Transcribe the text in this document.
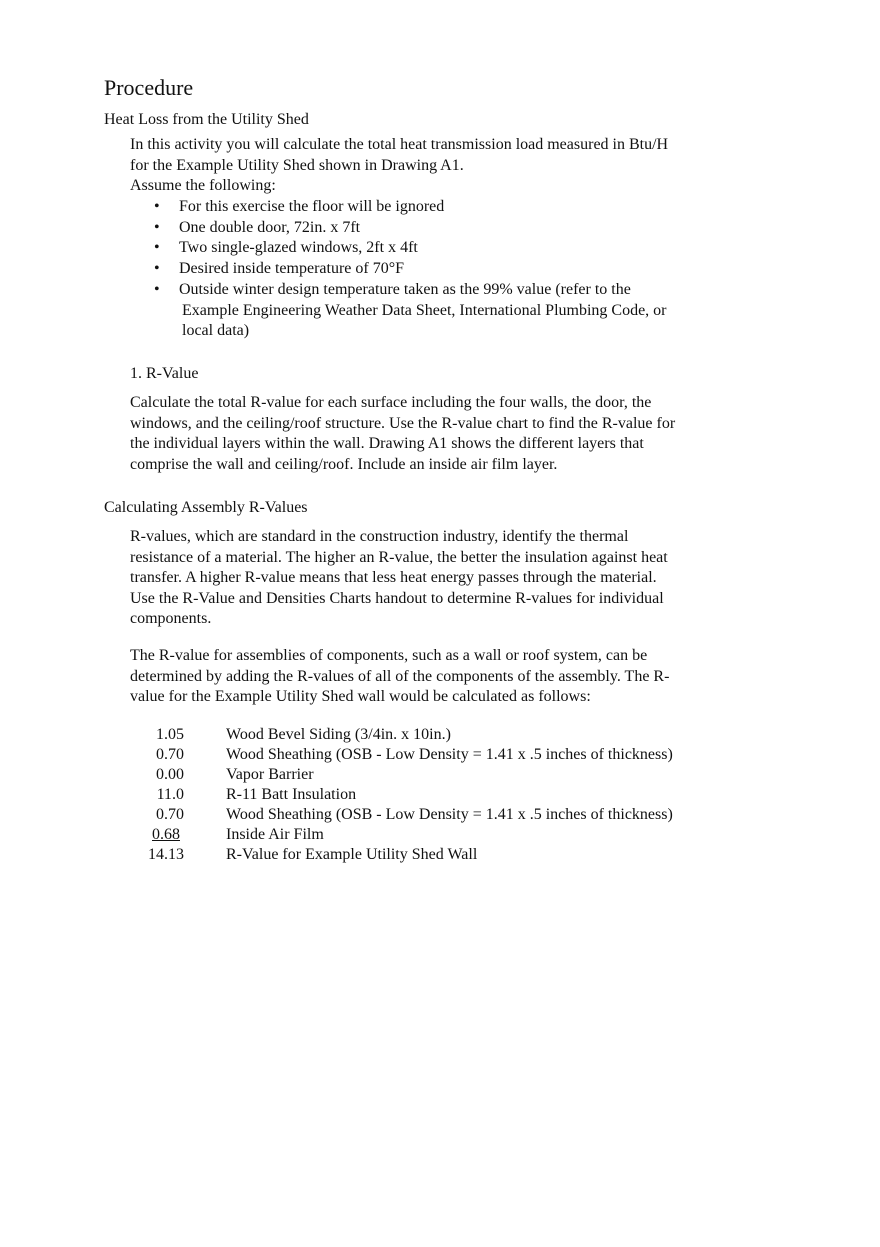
Procedure
Heat Loss from the Utility Shed
In this activity you will calculate the total heat transmission load measured in Btu/H
for the Example Utility Shed shown in Drawing A1.
Assume the following:
• For this exercise the floor will be ignored
• One double door, 72in. x 7ft
• Two single-glazed windows, 2ft x 4ft
• Desired inside temperature of 70°F
• Outside winter design temperature taken as the 99% value (refer to the
Example Engineering Weather Data Sheet, International Plumbing Code, or
local data)
1. R-Value
Calculate the total R-value for each surface including the four walls, the door, the
windows, and the ceiling/roof structure. Use the R-value chart to find the R-value for
the individual layers within the wall. Drawing A1 shows the different layers that
comprise the wall and ceiling/roof. Include an inside air film layer.
Calculating Assembly R-Values
R-values, which are standard in the construction industry, identify the thermal
resistance of a material. The higher an R-value, the better the insulation against heat
transfer. A higher R-value means that less heat energy passes through the material.
Use the R-Value and Densities Charts handout to determine R-values for individual
components.
The R-value for assemblies of components, such as a wall or roof system, can be
determined by adding the R-values of all of the components of the assembly. The R-
value for the Example Utility Shed wall would be calculated as follows:
1.05	Wood Bevel Siding (3/4in. x 10in.)
0.70	Wood Sheathing (OSB - Low Density = 1.41 x .5 inches of thickness)
0.00	Vapor Barrier
11.0	R-11 Batt Insulation
0.70	Wood Sheathing (OSB - Low Density = 1.41 x .5 inches of thickness)
0.68	Inside Air Film
14.13	R-Value for Example Utility Shed Wall
